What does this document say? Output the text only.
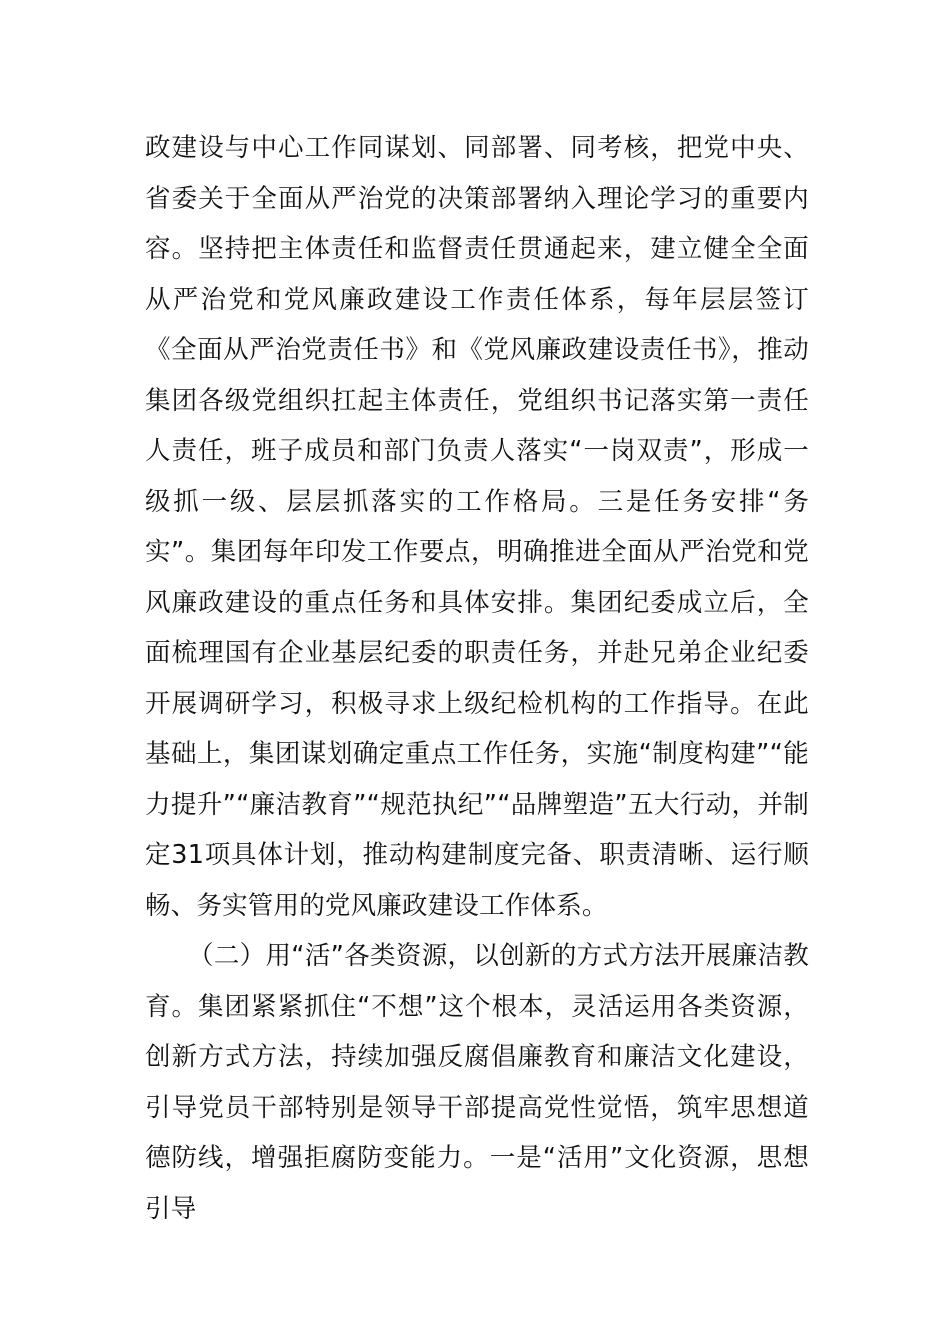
政建设与中心工作同谋划、同部署、同考核，把党中央、省委关于全面从严治党的决策部署纳入理论学习的重要内容。坚持把主体责任和监督责任贯通起来，建立健全全面从严治党和党风廉政建设工作责任体系，每年层层签订《全面从严治党责任书》和《党风廉政建设责任书》，推动集团各级党组织扛起主体责任，党组织书记落实第一责任人责任，班子成员和部门负责人落实“一岗双责”，形成一级抓一级、层层抓落实的工作格局。三是任务安排“务实”。集团每年印发工作要点，明确推进全面从严治党和党风廉政建设的重点任务和具体安排。集团纪委成立后，全面梳理国有企业基层纪委的职责任务，并赴兄弟企业纪委开展调研学习，积极寻求上级纪检机构的工作指导。在此基础上，集团谋划确定重点工作任务，实施“制度构建”“能力提升”“廉洁教育”“规范执纪”“品牌塑造”五大行动，并制定31项具体计划，推动构建制度完备、职责清晰、运行顺畅、务实管用的党风廉政建设工作体系。

（二）用“活”各类资源，以创新的方式方法开展廉洁教育。集团紧紧抓住“不想”这个根本，灵活运用各类资源，创新方式方法，持续加强反腐倡廉教育和廉洁文化建设，引导党员干部特别是领导干部提高党性觉悟，筑牢思想道德防线，增强拒腐防变能力。一是“活用”文化资源，思想引导
